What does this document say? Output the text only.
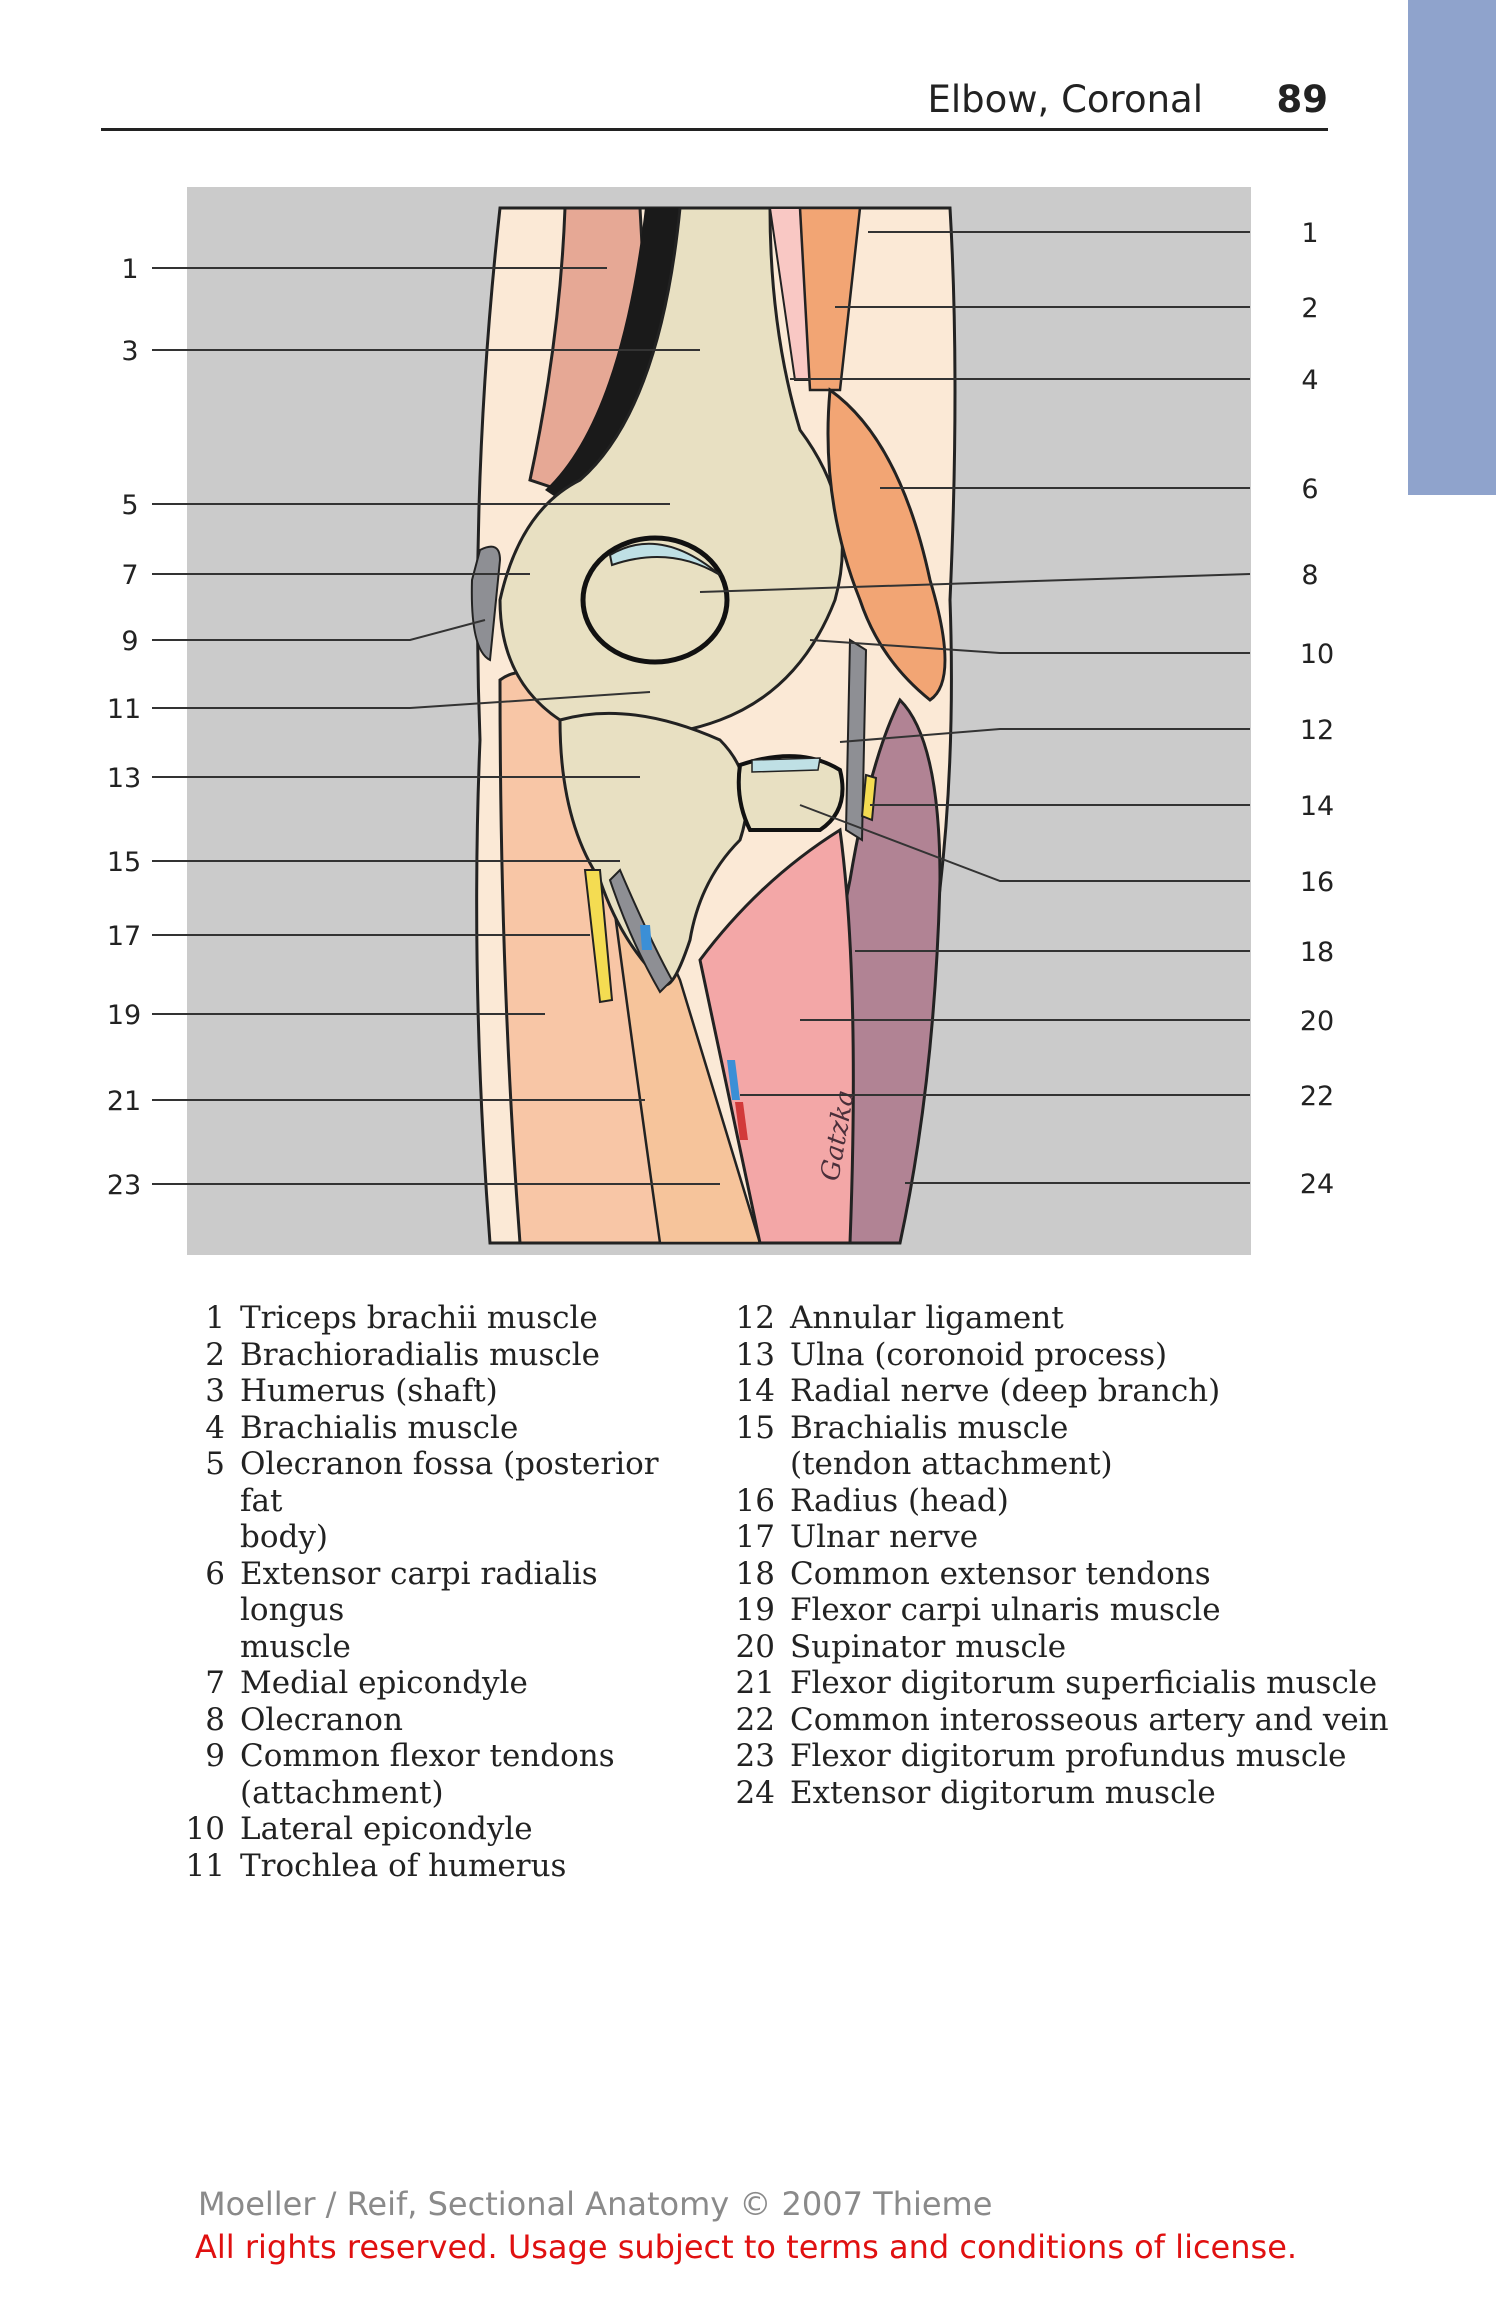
Elbow, Coronal 89
Gatzka
1
3
5
7
9
11
13
15
17
19
21
23
1
2
4
6
8
10
12
14
16
18
20
22
24
1 Triceps brachii muscle
2 Brachioradialis muscle
3 Humerus (shaft)
4 Brachialis muscle
5 Olecranon fossa (posterior fat
body)
6 Extensor carpi radialis longus
muscle
7 Medial epicondyle
8 Olecranon
9 Common flexor tendons
(attachment)
10 Lateral epicondyle
11 Trochlea of humerus
12 Annular ligament
13 Ulna (coronoid process)
14 Radial nerve (deep branch)
15 Brachialis muscle
(tendon attachment)
16 Radius (head)
17 Ulnar nerve
18 Common extensor tendons
19 Flexor carpi ulnaris muscle
20 Supinator muscle
21 Flexor digitorum superficialis muscle
22 Common interosseous artery and vein
23 Flexor digitorum profundus muscle
24 Extensor digitorum muscle
Moeller / Reif, Sectional Anatomy © 2007 Thieme
All rights reserved. Usage subject to terms and conditions of license.
